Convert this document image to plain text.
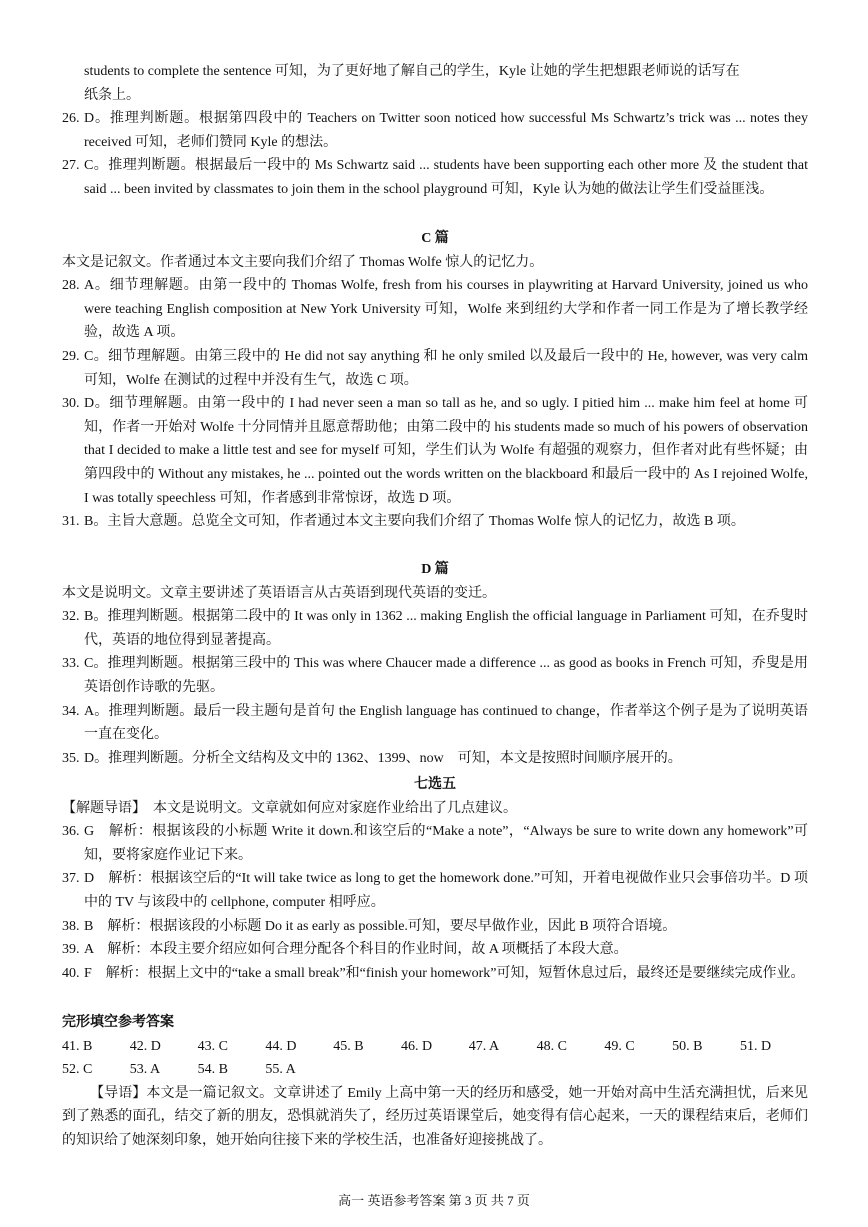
students to complete the sentence 可知，为了更好地了解自己的学生，Kyle 让她的学生把想跟老师说的话写在

纸条上。

26. D。推理判断题。根据第四段中的 Teachers on Twitter soon noticed how successful Ms Schwartz’s trick was ... notes they received 可知，老师们赞同 Kyle 的想法。

27. C。推理判断题。根据最后一段中的 Ms Schwartz said ... students have been supporting each other more 及 the student that said ... been invited by classmates to join them in the school playground 可知，Kyle 认为她的做法让学生们受益匪浅。

C 篇

本文是记叙文。作者通过本文主要向我们介绍了 Thomas Wolfe 惊人的记忆力。

28. A。细节理解题。由第一段中的 Thomas Wolfe, fresh from his courses in playwriting at Harvard University, joined us who were teaching English composition at New York University 可知，Wolfe 来到纽约大学和作者一同工作是为了增长教学经验，故选 A 项。

29. C。细节理解题。由第三段中的 He did not say anything 和 he only smiled 以及最后一段中的 He, however, was very calm 可知，Wolfe 在测试的过程中并没有生气，故选 C 项。

30. D。细节理解题。由第一段中的 I had never seen a man so tall as he, and so ugly. I pitied him ... make him feel at home 可知，作者一开始对 Wolfe 十分同情并且愿意帮助他；由第二段中的 his students made so much of his powers of observation that I decided to make a little test and see for myself 可知，学生们认为 Wolfe 有超强的观察力，但作者对此有些怀疑；由第四段中的 Without any mistakes, he ... pointed out the words written on the blackboard 和最后一段中的 As I rejoined Wolfe, I was totally speechless 可知，作者感到非常惊讶，故选 D 项。

31. B。主旨大意题。总览全文可知，作者通过本文主要向我们介绍了 Thomas Wolfe 惊人的记忆力，故选 B 项。

D 篇

本文是说明文。文章主要讲述了英语语言从古英语到现代英语的变迁。

32. B。推理判断题。根据第二段中的 It was only in 1362 ... making English the official language in Parliament 可知，在乔叟时代，英语的地位得到显著提高。

33. C。推理判断题。根据第三段中的 This was where Chaucer made a difference ... as good as books in French 可知，乔叟是用英语创作诗歌的先驱。

34. A。推理判断题。最后一段主题句是首句 the English language has continued to change，作者举这个例子是为了说明英语一直在变化。

35. D。推理判断题。分析全文结构及文中的 1362、1399、now　可知，本文是按照时间顺序展开的。

七选五

【解题导语】　 本文是说明文。文章就如何应对家庭作业给出了几点建议。

36. G　解析：根据该段的小标题 Write it down.和该空后的“Make a note”，“Always be sure to write down any homework”可知，要将家庭作业记下来。

37. D　解析：根据该空后的“It will take twice as long to get the homework done.”可知，开着电视做作业只会事倍功半。D 项中的 TV 与该段中的 cellphone, computer 相呼应。

38. B　解析：根据该段的小标题 Do it as early as possible.可知，要尽早做作业，因此 B 项符合语境。

39. A　解析：本段主要介绍应如何合理分配各个科目的作业时间，故 A 项概括了本段大意。

40. F　解析：根据上文中的“take a small break”和“finish your homework”可知，短暂休息过后，最终还是要继续完成作业。

完形填空参考答案

41. B	42. D	43. C	44. D	45. B	46. D	47. A	48. C	49. C	50. B	51. D
52. C	53. A	54. B	55. A

【导语】本文是一篇记叙文。文章讲述了 Emily 上高中第一天的经历和感受，她一开始对高中生活充满担忧，后来见到了熟悉的面孔，结交了新的朋友，恐惧就消失了，经历过英语课堂后，她变得有信心起来，一天的课程结束后，老师们的知识给了她深刻印象，她开始向往接下来的学校生活，也准备好迎接挑战了。

高一 英语参考答案 第 3 页 共 7 页
